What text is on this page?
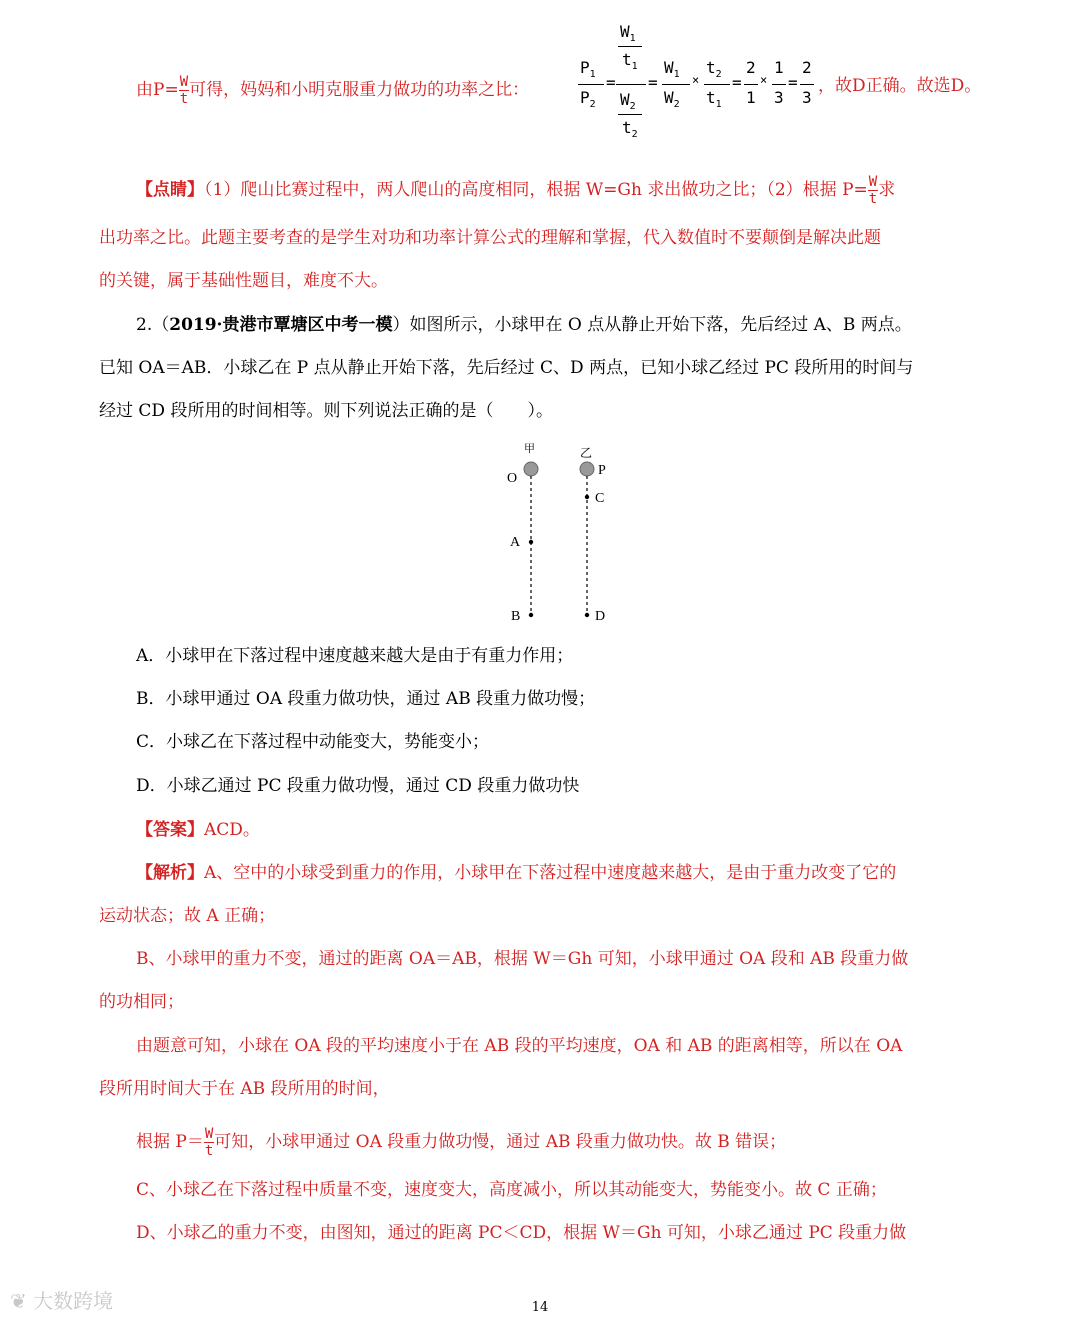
由$P= \frac{W}{t}$ 可得，妈妈和小明克服重力做功的功率之比：
$P_1$
$P_2$
=
$W_1$
$t_1$
$W_2$
$t_2$
=
$W_1$
$W_2$
×
$t_2$
$t_1$
=
2
1
×
1
3
=
2
3
，故D正确。故选D。
【点睛】（1）爬山比赛过程中，两人爬山的高度相同，根据 W=Gh 求出做功之比；（2）根据 $P= \frac{W}{t}$ 求
出功率之比。此题主要考查的是学生对功和功率计算公式的理解和掌握，代入数值时不要颠倒是解决此题
的关键，属于基础性题目，难度不大。
2.（2019·贵港市覃塘区中考一模）如图所示，小球甲在 O 点从静止开始下落，先后经过 A、B 两点。
已知 OA＝AB．小球乙在 P 点从静止开始下落，先后经过 C、D 两点，已知小球乙经过 PC 段所用的时间与
经过 CD 段所用的时间相等。则下列说法正确的是（　　）。
甲	乙
O
A
B
P
C
D
A．小球甲在下落过程中速度越来越大是由于有重力作用；
B．小球甲通过 OA 段重力做功快，通过 AB 段重力做功慢；
C．小球乙在下落过程中动能变大，势能变小；
D．小球乙通过 PC 段重力做功慢，通过 CD 段重力做功快
【答案】ACD。
【解析】A、空中的小球受到重力的作用，小球甲在下落过程中速度越来越大，是由于重力改变了它的
运动状态；故 A 正确；
B、小球甲的重力不变，通过的距离 OA＝AB，根据 W＝Gh 可知，小球甲通过 OA 段和 AB 段重力做
的功相同；
由题意可知，小球在 OA 段的平均速度小于在 AB 段的平均速度，OA 和 AB 的距离相等，所以在 OA
段所用时间大于在 AB 段所用的时间，
根据 $P= \frac{W}{t}$ 可知，小球甲通过 OA 段重力做功慢，通过 AB 段重力做功快。故 B 错误；
C、小球乙在下落过程中质量不变，速度变大，高度减小，所以其动能变大，势能变小。故 C 正确；
D、小球乙的重力不变，由图知，通过的距离 PC＜CD，根据 W＝Gh 可知，小球乙通过 PC 段重力做
❦ 大数跨境	14
